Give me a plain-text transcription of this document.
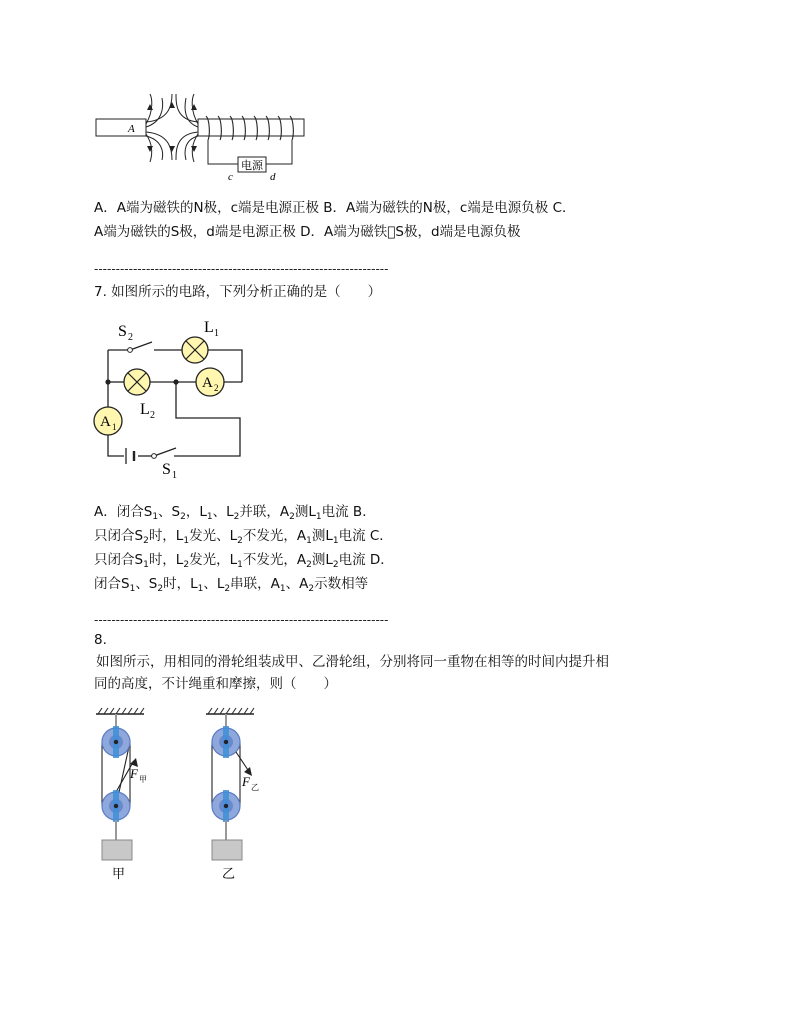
A
电源
c	d
A．A端为磁铁的N极，c端是电源正极 B．A端为磁铁的N极，c端是电源负极 C．
A端为磁铁的S极，d端是电源正极 D．A端为磁铁 S极，d端是电源负极
--------------------------------------------------------------------
7. 如图所示的电路，下列分析正确的是（　　）
A 2
A 1
S 2
L 1
L 2
S 1
A．闭合$S_1$、$S_2$，$L_1$、$L_2$并联，$A_2$测$L_1$电流 B．
只闭合$S_2$时，$L_1$发光、$L_2$不发光，$A_1$测$L_1$电流 C．
只闭合$S_1$时，$L_2$发光，$L_1$不发光，$A_2$测$L_2$电流 D．
闭合$S_1$、$S_2$时，$L_1$、$L_2$串联，$A_1$、$A_2$示数相等
--------------------------------------------------------------------
8.
如图所示，用相同的滑轮组装成甲、乙滑轮组，分别将同一重物在相等的时间内提升相
同的高度，不计绳重和摩擦，则（　　）
F 甲
甲
F 乙
乙
